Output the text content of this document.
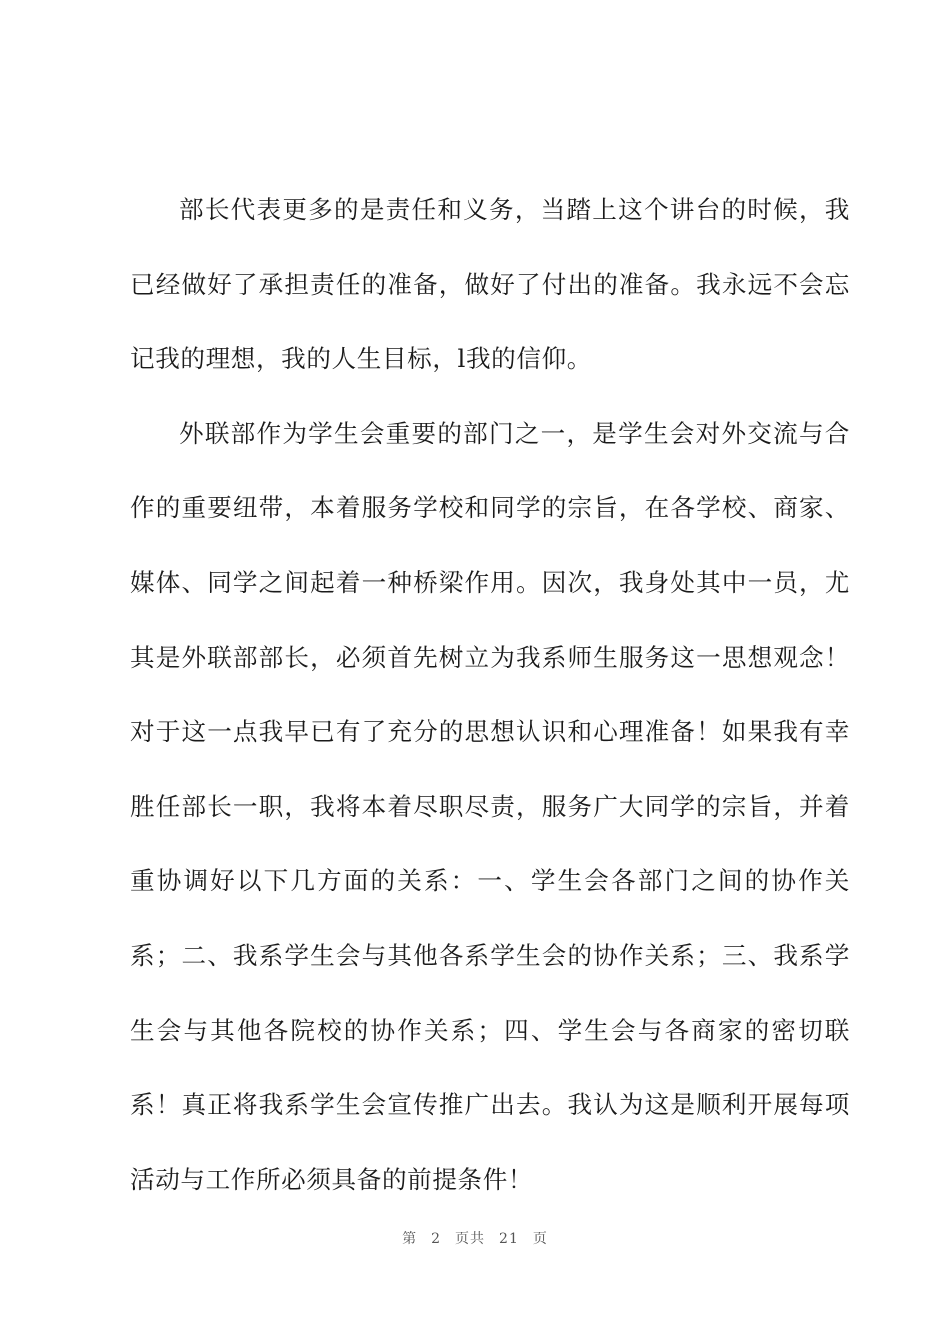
部长代表更多的是责任和义务，当踏上这个讲台的时候，我已经做好了承担责任的准备，做好了付出的准备。我永远不会忘记我的理想，我的人生目标，l我的信仰。

外联部作为学生会重要的部门之一，是学生会对外交流与合作的重要纽带，本着服务学校和同学的宗旨，在各学校、商家、媒体、同学之间起着一种桥梁作用。因次，我身处其中一员，尤其是外联部部长，必须首先树立为我系师生服务这一思想观念！对于这一点我早已有了充分的思想认识和心理准备！如果我有幸胜任部长一职，我将本着尽职尽责，服务广大同学的宗旨，并着重协调好以下几方面的关系：一、学生会各部门之间的协作关系；二、我系学生会与其他各系学生会的协作关系；三、我系学生会与其他各院校的协作关系；四、学生会与各商家的密切联系！真正将我系学生会宣传推广出去。我认为这是顺利开展每项活动与工作所必须具备的前提条件！

第 2 页共 21 页
